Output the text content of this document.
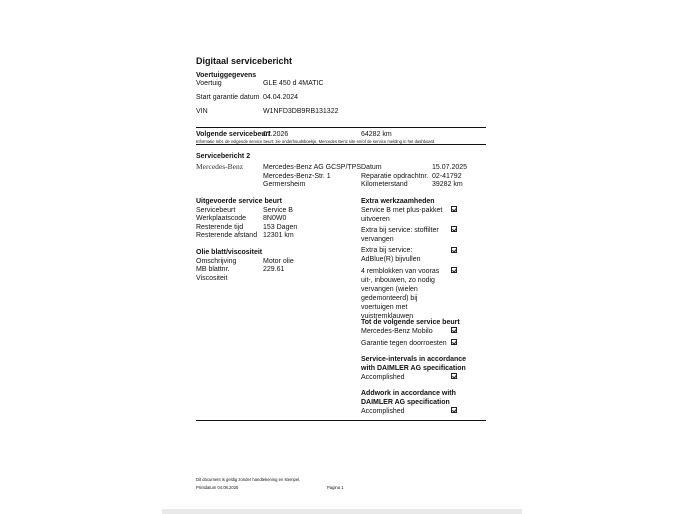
Digitaal servicebericht
Voertuiggegevens
Voertuig	GLE 450 d 4MATIC
Start garantie datum 04.04.2024
VIN	W1NFD3DB9RB131322
Volgende servicebeurt
07.2026	64282 km
Informatie mbt. de volgende service beurt: zie onderhoudsboekje, Mercedes Benz site en/of de service melding in het dashboard
Servicebericht 2
Mercedes-Benz	Mercedes-Benz AG GCSP/TPS
Mercedes-Benz-Str. 1
Germersheim
Datum	15.07.2025
Reparatie opdrachtnr. 02-41792
Kilometerstand	39282 km
Uitgevoerde service beurt
Servicebeurt	Service B
Werkplaatscode 8N0W0
Resterende tijd	153 Dagen
Resterende afstand 12301 km
Olie blatt/viscositeit
Omschrijving	Motor olie
MB blattnr.	229.61
Viscositeit
Extra werkzaamheden
Service B met plus-pakket uitvoeren
Extra bij service: stoffilter vervangen
Extra bij service: AdBlue(R) bijvullen
4 remblokken van vooras uit-, inbouwen, zo nodig vervangen (wielen gedemonteerd) bij voertuigen met vuistremklauwen
Tot de volgende service beurt
Mercedes-Benz Mobilo
Garantie tegen doorroesten
Service-intervals in accordance with DAIMLER AG specification
Accomplished
Addwork in accordance with DAIMLER AG specification
Accomplished
Dit document is geldig zonder handtekening en stempel.
Printdatum 04.08.2025	Pagina 1
